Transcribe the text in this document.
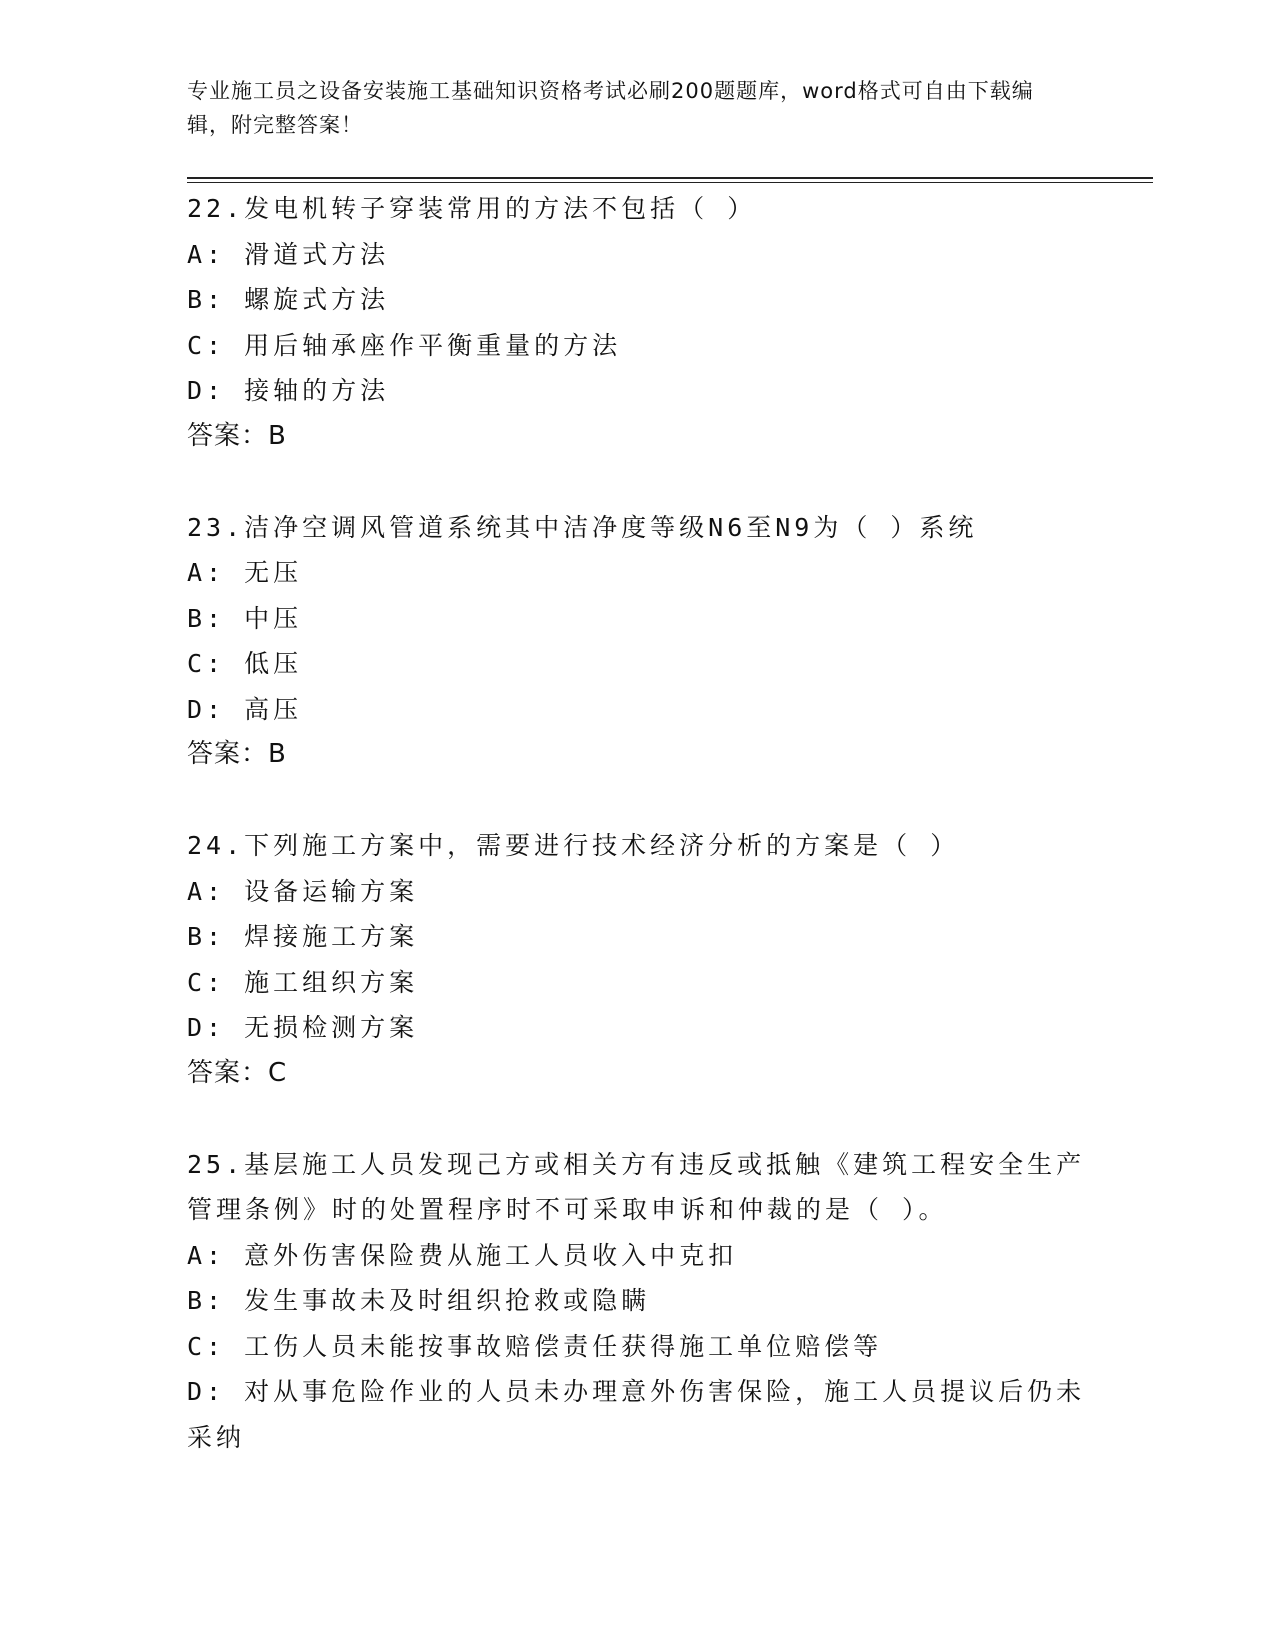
专业施工员之设备安装施工基础知识资格考试必刷200题题库，word格式可自由下载编辑，附完整答案！

22.发电机转子穿装常用的方法不包括（ ）

A: 滑道式方法

B: 螺旋式方法

C: 用后轴承座作平衡重量的方法

D: 接轴的方法

答案：B

23.洁净空调风管道系统其中洁净度等级N6至N9为（ ）系统

A: 无压

B: 中压

C: 低压

D: 高压

答案：B

24.下列施工方案中，需要进行技术经济分析的方案是（ ）

A: 设备运输方案

B: 焊接施工方案

C: 施工组织方案

D: 无损检测方案

答案：C

25.基层施工人员发现己方或相关方有违反或抵触《建筑工程安全生产管理条例》时的处置程序时不可采取申诉和仲裁的是（ ）。

A: 意外伤害保险费从施工人员收入中克扣

B: 发生事故未及时组织抢救或隐瞒

C: 工伤人员未能按事故赔偿责任获得施工单位赔偿等

D: 对从事危险作业的人员未办理意外伤害保险，施工人员提议后仍未采纳
